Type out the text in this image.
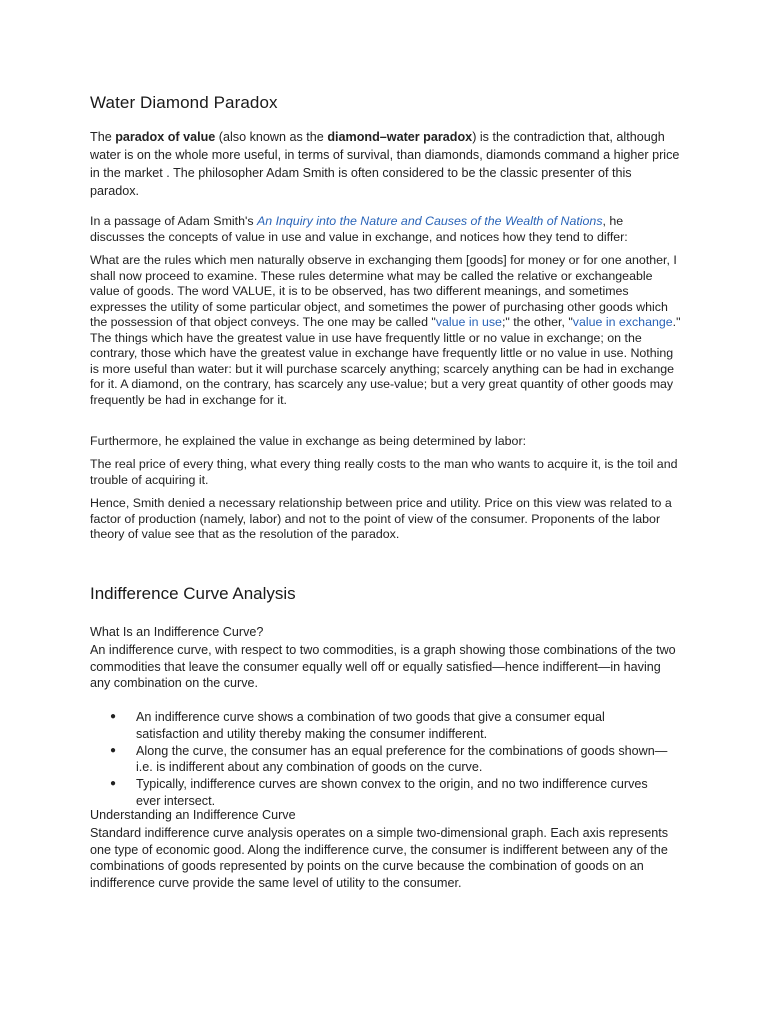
Water Diamond Paradox

The paradox of value (also known as the diamond–water paradox) is the contradiction that, although water is on the whole more useful, in terms of survival, than diamonds, diamonds command a higher price in the market . The philosopher Adam Smith is often considered to be the classic presenter of this paradox.

In a passage of Adam Smith's An Inquiry into the Nature and Causes of the Wealth of Nations, he discusses the concepts of value in use and value in exchange, and notices how they tend to differ:

What are the rules which men naturally observe in exchanging them [goods] for money or for one another, I shall now proceed to examine. These rules determine what may be called the relative or exchangeable value of goods. The word VALUE, it is to be observed, has two different meanings, and sometimes expresses the utility of some particular object, and sometimes the power of purchasing other goods which the possession of that object conveys. The one may be called "value in use;" the other, "value in exchange." The things which have the greatest value in use have frequently little or no value in exchange; on the contrary, those which have the greatest value in exchange have frequently little or no value in use. Nothing is more useful than water: but it will purchase scarcely anything; scarcely anything can be had in exchange for it. A diamond, on the contrary, has scarcely any use-value; but a very great quantity of other goods may frequently be had in exchange for it.

Furthermore, he explained the value in exchange as being determined by labor:

The real price of every thing, what every thing really costs to the man who wants to acquire it, is the toil and trouble of acquiring it.

Hence, Smith denied a necessary relationship between price and utility. Price on this view was related to a factor of production (namely, labor) and not to the point of view of the consumer. Proponents of the labor theory of value see that as the resolution of the paradox.

Indifference Curve Analysis
What Is an Indifference Curve?

An indifference curve, with respect to two commodities, is a graph showing those combinations of the two commodities that leave the consumer equally well off or equally satisfied—hence indifferent—in having any combination on the curve.

● An indifference curve shows a combination of two goods that give a consumer equal satisfaction and utility thereby making the consumer indifferent.
● Along the curve, the consumer has an equal preference for the combinations of goods shown—i.e. is indifferent about any combination of goods on the curve.
● Typically, indifference curves are shown convex to the origin, and no two indifference curves ever intersect.
Understanding an Indifference Curve

Standard indifference curve analysis operates on a simple two-dimensional graph. Each axis represents one type of economic good. Along the indifference curve, the consumer is indifferent between any of the combinations of goods represented by points on the curve because the combination of goods on an indifference curve provide the same level of utility to the consumer.
